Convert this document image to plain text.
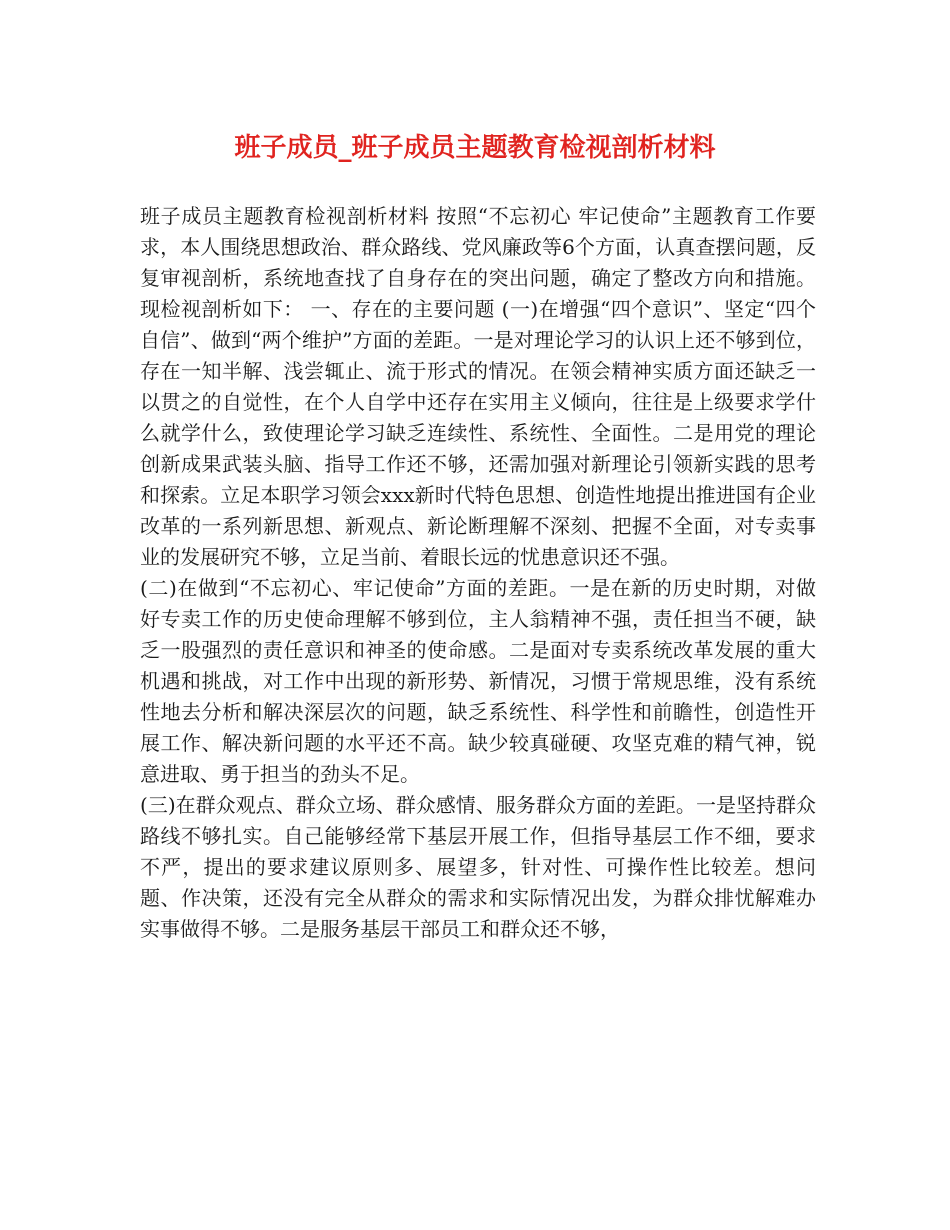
班子成员_班子成员主题教育检视剖析材料

班子成员主题教育检视剖析材料 按照“不忘初心 牢记使命”主题教育工作要求，本人围绕思想政治、群众路线、党风廉政等6个方面，认真查摆问题，反复审视剖析，系统地查找了自身存在的突出问题，确定了整改方向和措施。现检视剖析如下： 一、存在的主要问题 (一)在增强“四个意识”、坚定“四个自信”、做到“两个维护”方面的差距。一是对理论学习的认识上还不够到位，存在一知半解、浅尝辄止、流于形式的情况。在领会精神实质方面还缺乏一以贯之的自觉性，在个人自学中还存在实用主义倾向，往往是上级要求学什么就学什么，致使理论学习缺乏连续性、系统性、全面性。二是用党的理论创新成果武装头脑、指导工作还不够，还需加强对新理论引领新实践的思考和探索。立足本职学习领会xxx新时代特色思想、创造性地提出推进国有企业改革的一系列新思想、新观点、新论断理解不深刻、把握不全面，对专卖事业的发展研究不够，立足当前、着眼长远的忧患意识还不强。

(二)在做到“不忘初心、牢记使命”方面的差距。一是在新的历史时期，对做好专卖工作的历史使命理解不够到位，主人翁精神不强，责任担当不硬，缺乏一股强烈的责任意识和神圣的使命感。二是面对专卖系统改革发展的重大机遇和挑战，对工作中出现的新形势、新情况，习惯于常规思维，没有系统性地去分析和解决深层次的问题，缺乏系统性、科学性和前瞻性，创造性开展工作、解决新问题的水平还不高。缺少较真碰硬、攻坚克难的精气神，锐意进取、勇于担当的劲头不足。

(三)在群众观点、群众立场、群众感情、服务群众方面的差距。一是坚持群众路线不够扎实。自己能够经常下基层开展工作，但指导基层工作不细，要求不严，提出的要求建议原则多、展望多，针对性、可操作性比较差。想问题、作决策，还没有完全从群众的需求和实际情况出发，为群众排忧解难办实事做得不够。二是服务基层干部员工和群众还不够，
